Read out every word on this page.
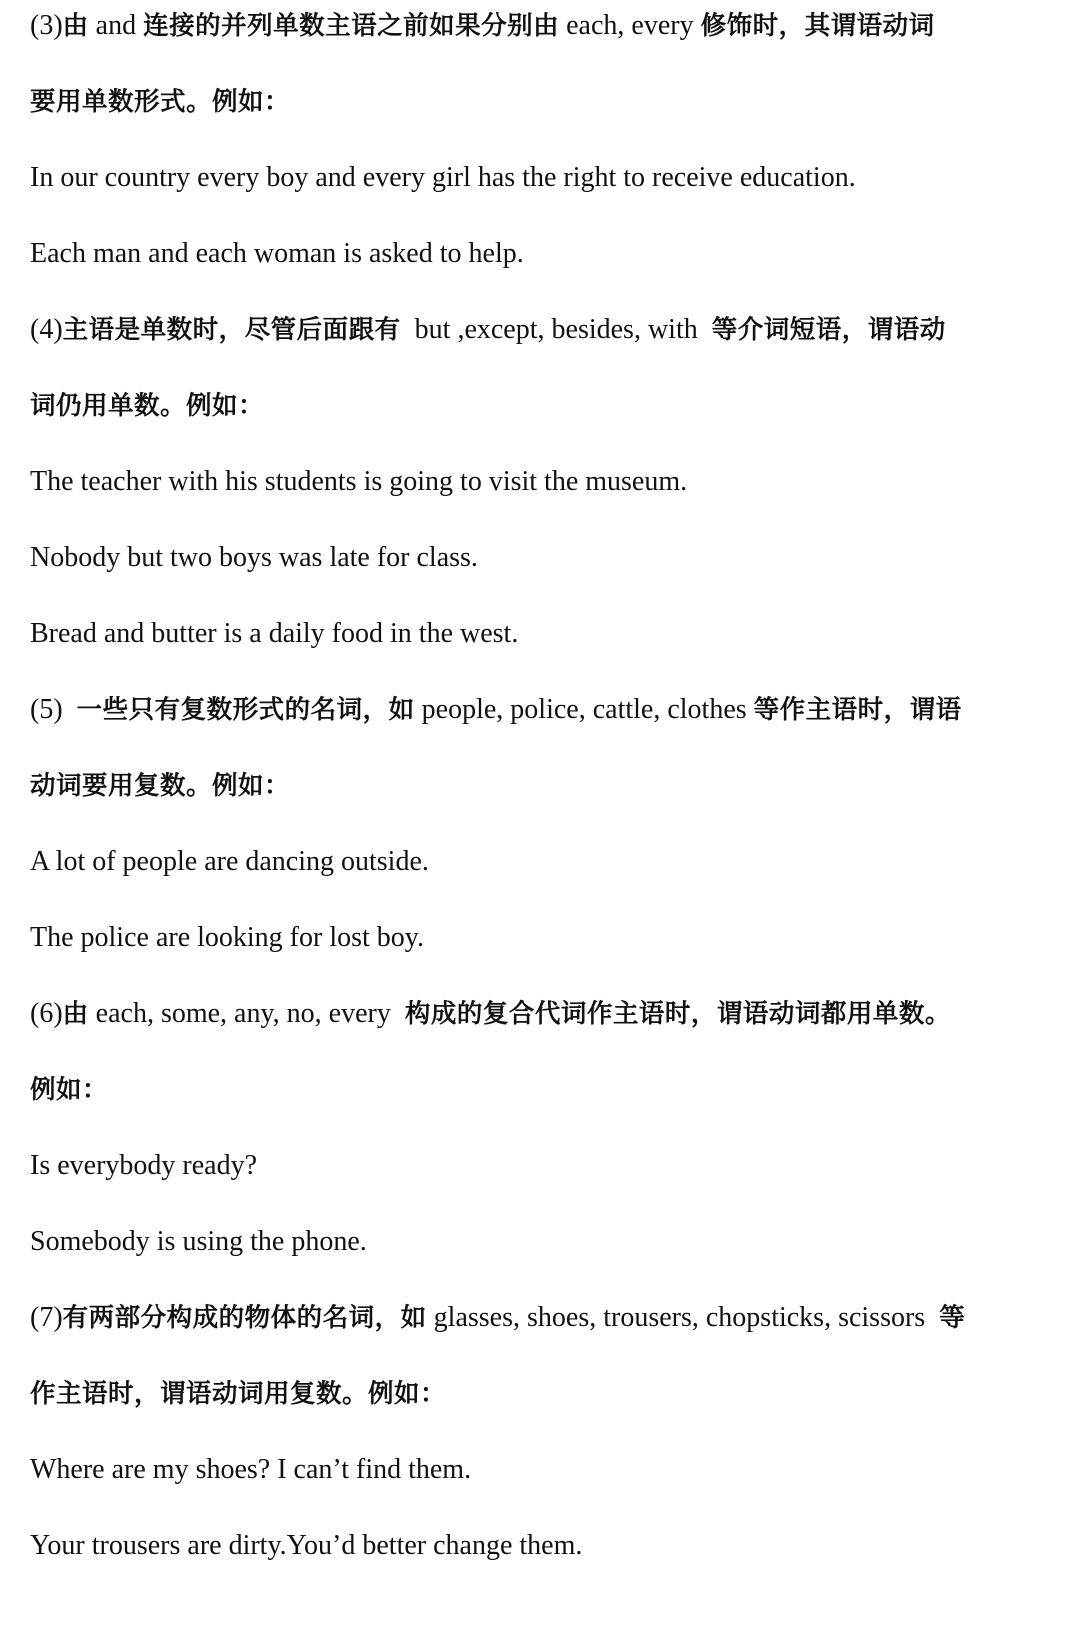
(3)由 and 连接的并列单数主语之前如果分别由 each, every 修饰时，其谓语动词
要用单数形式。例如：
In our country every boy and every girl has the right to receive education.
Each man and each woman is asked to help.
(4)主语是单数时，尽管后面跟有  but ,except, besides, with  等介词短语，谓语动
词仍用单数。例如：
The teacher with his students is going to visit the museum.
Nobody but two boys was late for class.
Bread and butter is a daily food in the west.
(5)  一些只有复数形式的名词，如 people, police, cattle, clothes 等作主语时，谓语
动词要用复数。例如：
A lot of people are dancing outside.
The police are looking for lost boy.
(6)由 each, some, any, no, every  构成的复合代词作主语时，谓语动词都用单数。
例如：
Is everybody ready?
Somebody is using the phone.
(7)有两部分构成的物体的名词，如 glasses, shoes, trousers, chopsticks, scissors  等
作主语时，谓语动词用复数。例如：
Where are my shoes? I can’t find them.
Your trousers are dirty.You’d better change them.
